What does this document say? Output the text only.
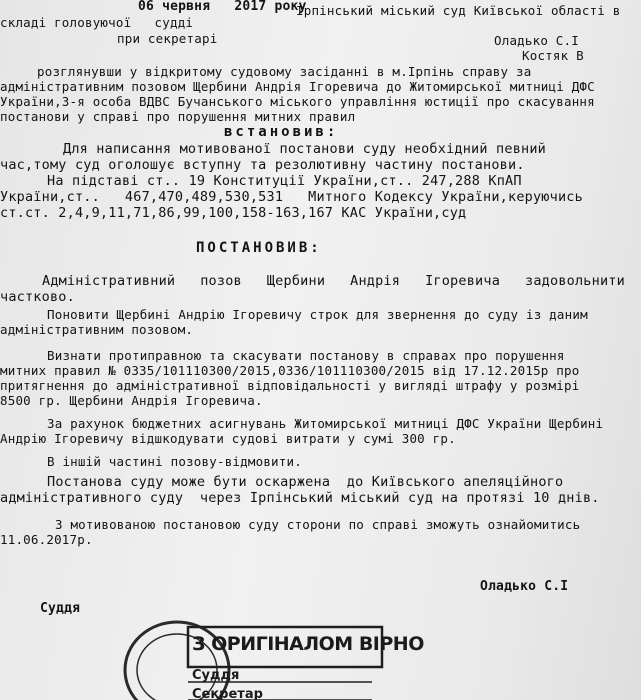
06 червня   2017 року
Ірпінський міський суд Київської області в
складі головуючої   судді
при секретарі	Оладько С.І
Костяк В
розглянувши у відкритому судовому засіданні в м.Ірпінь справу за
адміністративним позовом Щербини Андрія Ігоревича до Житомирської митниці ДФС
України,3-я особа ВДВС Бучанського міського управління юстиції про скасування
постанови у справі про порушення митних правил
встановив:
Для написання мотивованої постанови суду необхідний певний
час,тому суд оголошує вступну та резолютивну частину постанови.
На підставі ст.. 19 Конституції України,ст.. 247,288 КпАП
України,ст..   467,470,489,530,531   Митного Кодексу України,керуючись
ст.ст. 2,4,9,11,71,86,99,100,158-163,167 КАС України,суд
ПОСТАНОВИВ:
Адміністративний   позов   Щербини   Андрія   Ігоревича   задовольнити
частково.
Поновити Щербині Андрію Ігоревичу строк для звернення до суду із даним
адміністративним позовом.
Визнати протиправною та скасувати постанову в справах про порушення
митних правил № 0335/101110300/2015,0336/101110300/2015 від 17.12.2015р про
притягнення до адміністративної відповідальності у вигляді штрафу у розмірі
8500 гр. Щербини Андрія Ігоревича.
За рахунок бюджетних асигнувань Житомирської митниці ДФС України Щербині
Андрію Ігоревичу відшкодувати судові витрати у сумі 300 гр.
В іншій частині позову-відмовити.
Постанова суду може бути оскаржена  до Київського апеляційного
адміністративного суду  через Ірпінський міський суд на протязі 10 днів.
З мотивованою постановою суду сторони по справі зможуть ознайомитись
11.06.2017р.
Оладько С.І
Суддя
З ОРИГІНАЛОМ ВІРНО
Суддя
Секретар
